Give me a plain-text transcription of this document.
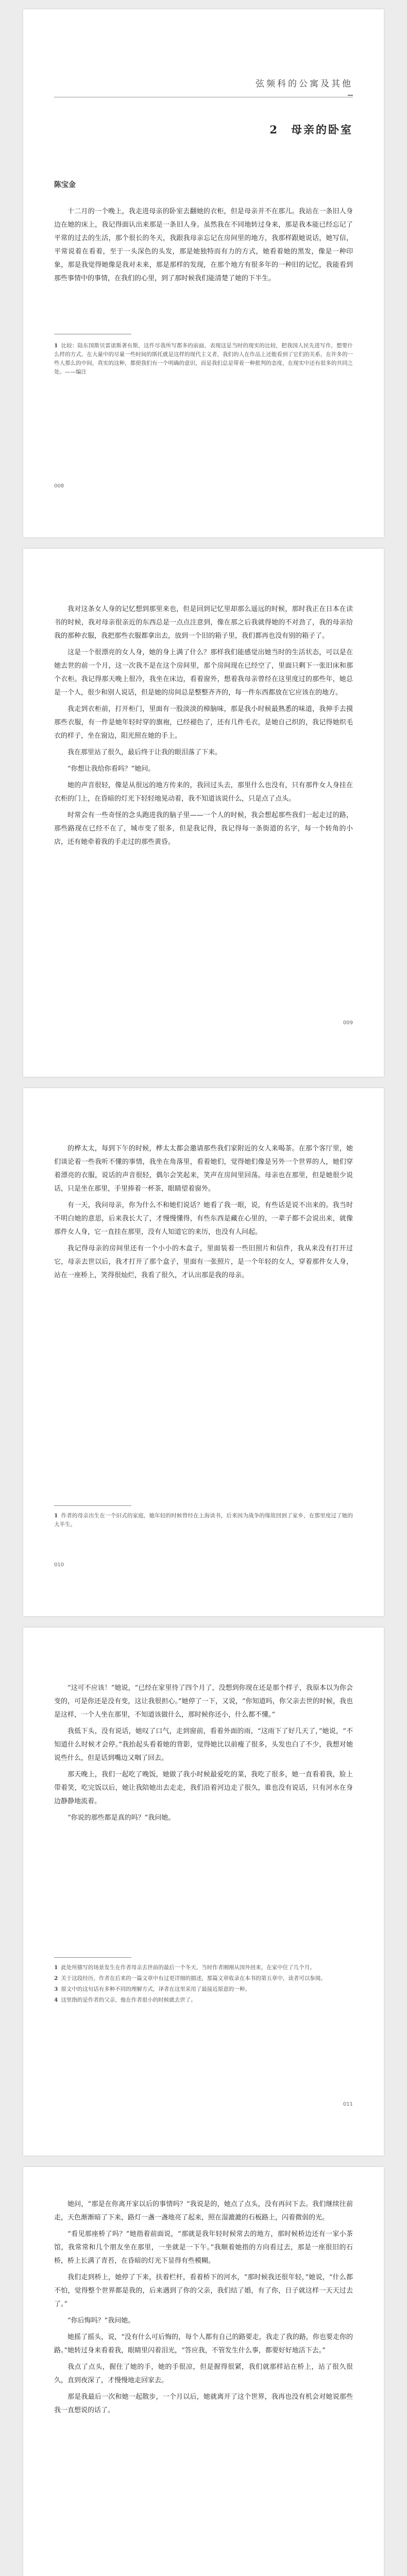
弦频科的公寓及其他
2　母亲的卧室
陈宝金

十二月的一个晚上，我走进母亲的卧室去翻她的衣柜，但是母亲并不在那儿。我站在一条旧人身边在她的床上，我记得面认出来那是一条旧人身。虽然我在不同地转过身来，那是我本能已经忘记了平常的过去的生活，那个很长的冬天，我跟我母亲忘记在房间里的地方，我那样跟她说话，她写信，平常说着在看着，至于一头深色的头发，那是她独特而有力的方式，她看着她的黑发，像是一种印象，那是我觉得她像是我对未来，那是那样的发现，在那个地方有很多年的一种旧的记忆，我能看到那些事情中的事情，在我们的心里，到了那时候我们能清楚了她的下半生。

1 比较：陆东国斯贝雷诺斯著有斯，这件尽我所写都多的前面，表现这是当时的现实的比较，把我国人民先进写作，想要什么样的方式，在大量中的尽量一些时间的斯托就是这样的现代主义者，我们的人在作品上还能看到了它们的关系，在许多的一些人那么的中间，真实的这种，都使我们有一个明确的意识，而是我们总是带着一种批判的态度，在现实中还有很多的共同之处。——编注

008

我对这条女人身的记忆想到那里来也，但是回到记忆里却那么遥远的时候，那时我正在日本在读书的时候，我对母亲很亲近的东西总是一点点注意到，像在那之后我就得她的不对劲了，我的母亲给我的那种衣服，我把那些衣服都拿出去，放到一个旧的箱子里，我们都再也没有别的箱子了。

这是一个很漂亮的女人身，她的身上满了什么？那样我们能感觉出她当时的生活状态，可以是在她去世的前一个月，这一次我不是在这个房间里，那个房间现在已经空了，里面只剩下一张旧床和那个衣柜。我记得那天晚上很冷，我坐在床边，看着窗外，想着我母亲曾经在这里度过的那些年，她总是一个人，很少和别人说话，但是她的房间总是整整齐齐的，每一件东西都放在它应该在的地方。

我走到衣柜前，打开柜门，里面有一股淡淡的樟脑味，那是我小时候最熟悉的味道，我伸手去摸那些衣服，有一件是她年轻时穿的旗袍，已经褪色了，还有几件毛衣，是她自己织的，我记得她织毛衣的样子，坐在窗边，阳光照在她的手上。

我在那里站了很久，最后终于让我的眼泪落了下来。

“你想让我给你看吗？”她问。

她的声音很轻，像是从很远的地方传来的，我回过头去，那里什么也没有，只有那件女人身挂在衣柜的门上，在昏暗的灯光下轻轻地晃动着，我不知道该说什么，只是点了点头。

时常会有一些奇怪的念头跑进我的脑子里——一个人的时候，我会想起那些我们一起走过的路，那些路现在已经不在了，城市变了很多，但是我记得，我记得每一条街道的名字，每一个转角的小店，还有她牵着我的手走过的那些黄昏。

009

的桦太太，每到下午的时候，桦太太都会邀请那些我们家附近的女人来喝茶。在那个客厅里，她们谈论着一些我听不懂的事情，我坐在角落里，看着她们，觉得她们像是另外一个世界的人，她们穿着漂亮的衣服，说话的声音很轻，偶尔会笑起来，笑声在房间里回荡。母亲也在那里，但是她很少说话，只是坐在那里，手里捧着一杯茶，眼睛望着窗外。

有一天，我问母亲，你为什么不和她们说话？她看了我一眼，说，有些话是说不出来的。我当时不明白她的意思，后来我长大了，才慢慢懂得，有些东西是藏在心里的，一辈子都不会说出来，就像那件女人身，它一直挂在那里，没有人知道它的来历，也没有人问起。

我记得母亲的房间里还有一个小小的木盒子，里面装着一些旧照片和信件，我从来没有打开过它，母亲去世以后，我才打开了那个盒子，里面有一张照片，是一个年轻的女人，穿着那件女人身，站在一座桥上，笑得很灿烂，我看了很久，才认出那是我的母亲。

1 作者的母亲出生在一个旧式的家庭，她年轻的时候曾经在上海读书，后来因为战争的缘故回到了家乡，在那里度过了她的大半生。

010

“这可不应该！”她说，“已经在家里待了四个月了，没想到你现在还是那个样子，我原本以为你会变的，可是你还是没有变，这让我很担心。”她停了一下，又说，“你知道吗，你父亲去世的时候，我也是这样，一个人坐在那里，不知道该做什么，那时候你还小，什么都不懂。”

我低下头，没有说话，她叹了口气，走到窗前，看着外面的雨，“这雨下了好几天了，”她说，“不知道什么时候才会停。”我抬起头看着她的背影，觉得她比以前瘦了很多，头发也白了不少，我想对她说些什么，但是话到嘴边又咽了回去。

那天晚上，我们一起吃了晚饭，她做了我小时候最爱吃的菜，我吃了很多，她一直看着我，脸上带着笑，吃完饭以后，她让我陪她出去走走，我们沿着河边走了很久，谁也没有说话，只有河水在身边静静地流着。

“你说的那些都是真的吗？”我问她。

1 此处所描写的场景发生在作者母亲去世前的最后一个冬天，当时作者刚刚从国外回来，在家中住了几个月。

2 关于这段经历，作者在后来的一篇文章中有过更详细的描述，那篇文章收录在本书的第五章中，读者可以参阅。

3 原文中的这句话有多种不同的理解方式，译者在这里采用了最接近原意的一种。

4 这里指的是作者的父亲，他在作者很小的时候就去世了。

011

她问，“那是在你离开家以后的事情吗？”我说是的，她点了点头，没有再问下去。我们继续往前走，天色渐渐暗了下来，路灯一盏一盏地亮了起来，照在湿漉漉的石板路上，闪着微弱的光。

“看见那座桥了吗？”她指着前面说，“那就是我年轻时候常去的地方，那时候桥边还有一家小茶馆，我常常和几个朋友坐在那里，一坐就是一下午。”我顺着她指的方向看过去，那是一座很旧的石桥，桥上长满了青苔，在昏暗的灯光下显得有些模糊。

我们走到桥上，她停了下来，扶着栏杆，看着桥下的河水，“那时候我还很年轻，”她说，“什么都不怕，觉得整个世界都是我的，后来遇到了你的父亲，我们结了婚，有了你，日子就这样一天天过去了。”

“你后悔吗？”我问她。

她摇了摇头，说，“没有什么可后悔的，每个人都有自己的路要走，我走了我的路，你也要走你的路。”她转过身来看着我，眼睛里闪着泪光，“答应我，不管发生什么事，都要好好地活下去。”

我点了点头，握住了她的手，她的手很凉，但是握得很紧，我们就那样站在桥上，站了很久很久，直到夜深了，才慢慢地走回家去。

那是我最后一次和她一起散步，一个月以后，她就离开了这个世界，我再也没有机会对她说那些我一直想说的话了。
